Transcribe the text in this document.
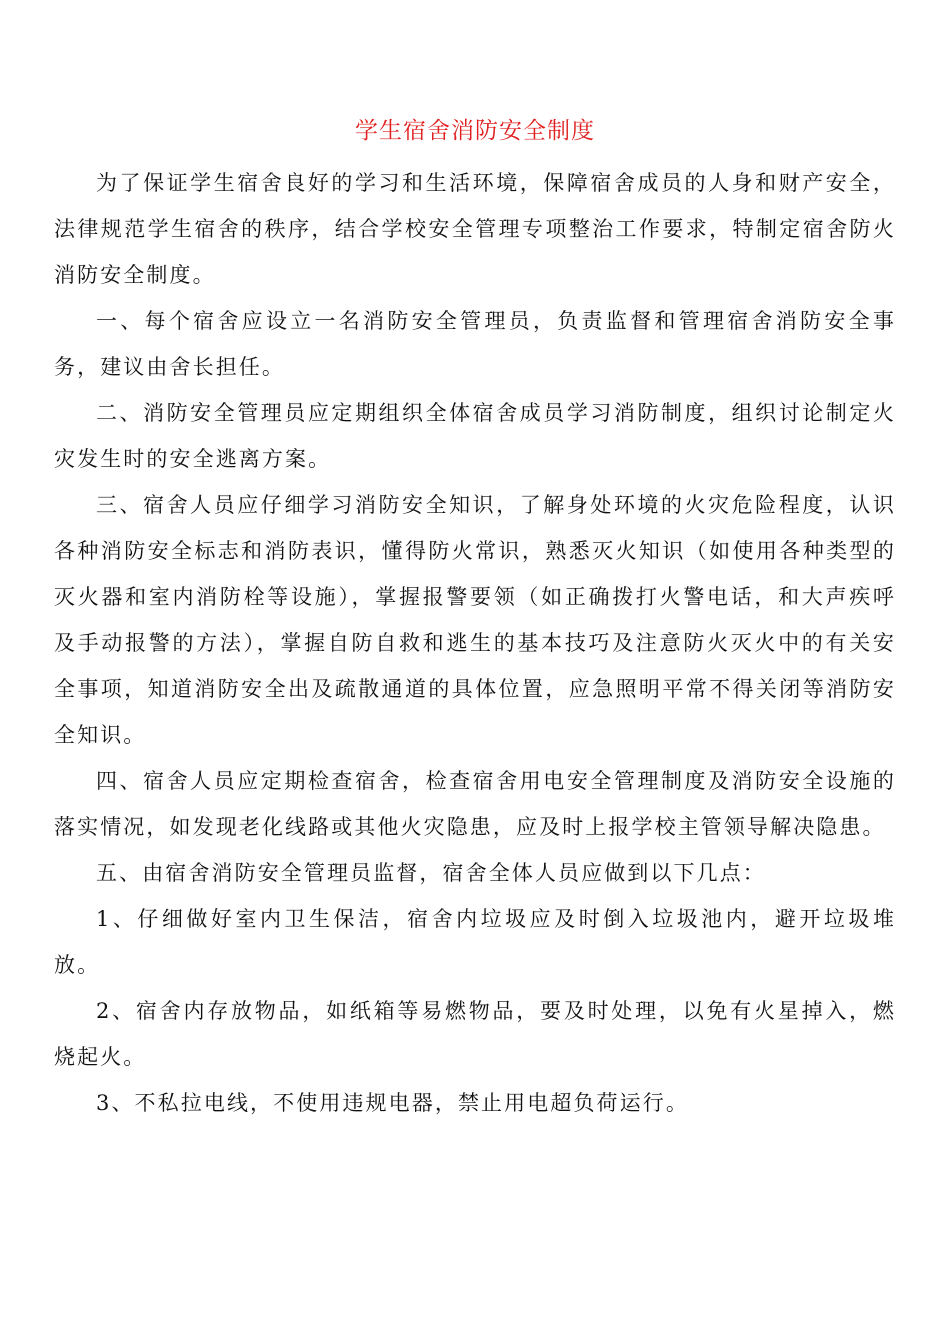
学生宿舍消防安全制度

为了保证学生宿舍良好的学习和生活环境，保障宿舍成员的人身和财产安全，法律规范学生宿舍的秩序，结合学校安全管理专项整治工作要求，特制定宿舍防火消防安全制度。

一、每个宿舍应设立一名消防安全管理员，负责监督和管理宿舍消防安全事务，建议由舍长担任。

二、消防安全管理员应定期组织全体宿舍成员学习消防制度，组织讨论制定火灾发生时的安全逃离方案。

三、宿舍人员应仔细学习消防安全知识，了解身处环境的火灾危险程度，认识各种消防安全标志和消防表识，懂得防火常识，熟悉灭火知识（如使用各种类型的灭火器和室内消防栓等设施），掌握报警要领（如正确拨打火警电话，和大声疾呼及手动报警的方法），掌握自防自救和逃生的基本技巧及注意防火灭火中的有关安全事项，知道消防安全出及疏散通道的具体位置，应急照明平常不得关闭等消防安全知识。

四、宿舍人员应定期检查宿舍，检查宿舍用电安全管理制度及消防安全设施的落实情况，如发现老化线路或其他火灾隐患，应及时上报学校主管领导解决隐患。

五、由宿舍消防安全管理员监督，宿舍全体人员应做到以下几点：

1、仔细做好室内卫生保洁，宿舍内垃圾应及时倒入垃圾池内，避开垃圾堆放。

2、宿舍内存放物品，如纸箱等易燃物品，要及时处理，以免有火星掉入，燃烧起火。

3、不私拉电线，不使用违规电器，禁止用电超负荷运行。
